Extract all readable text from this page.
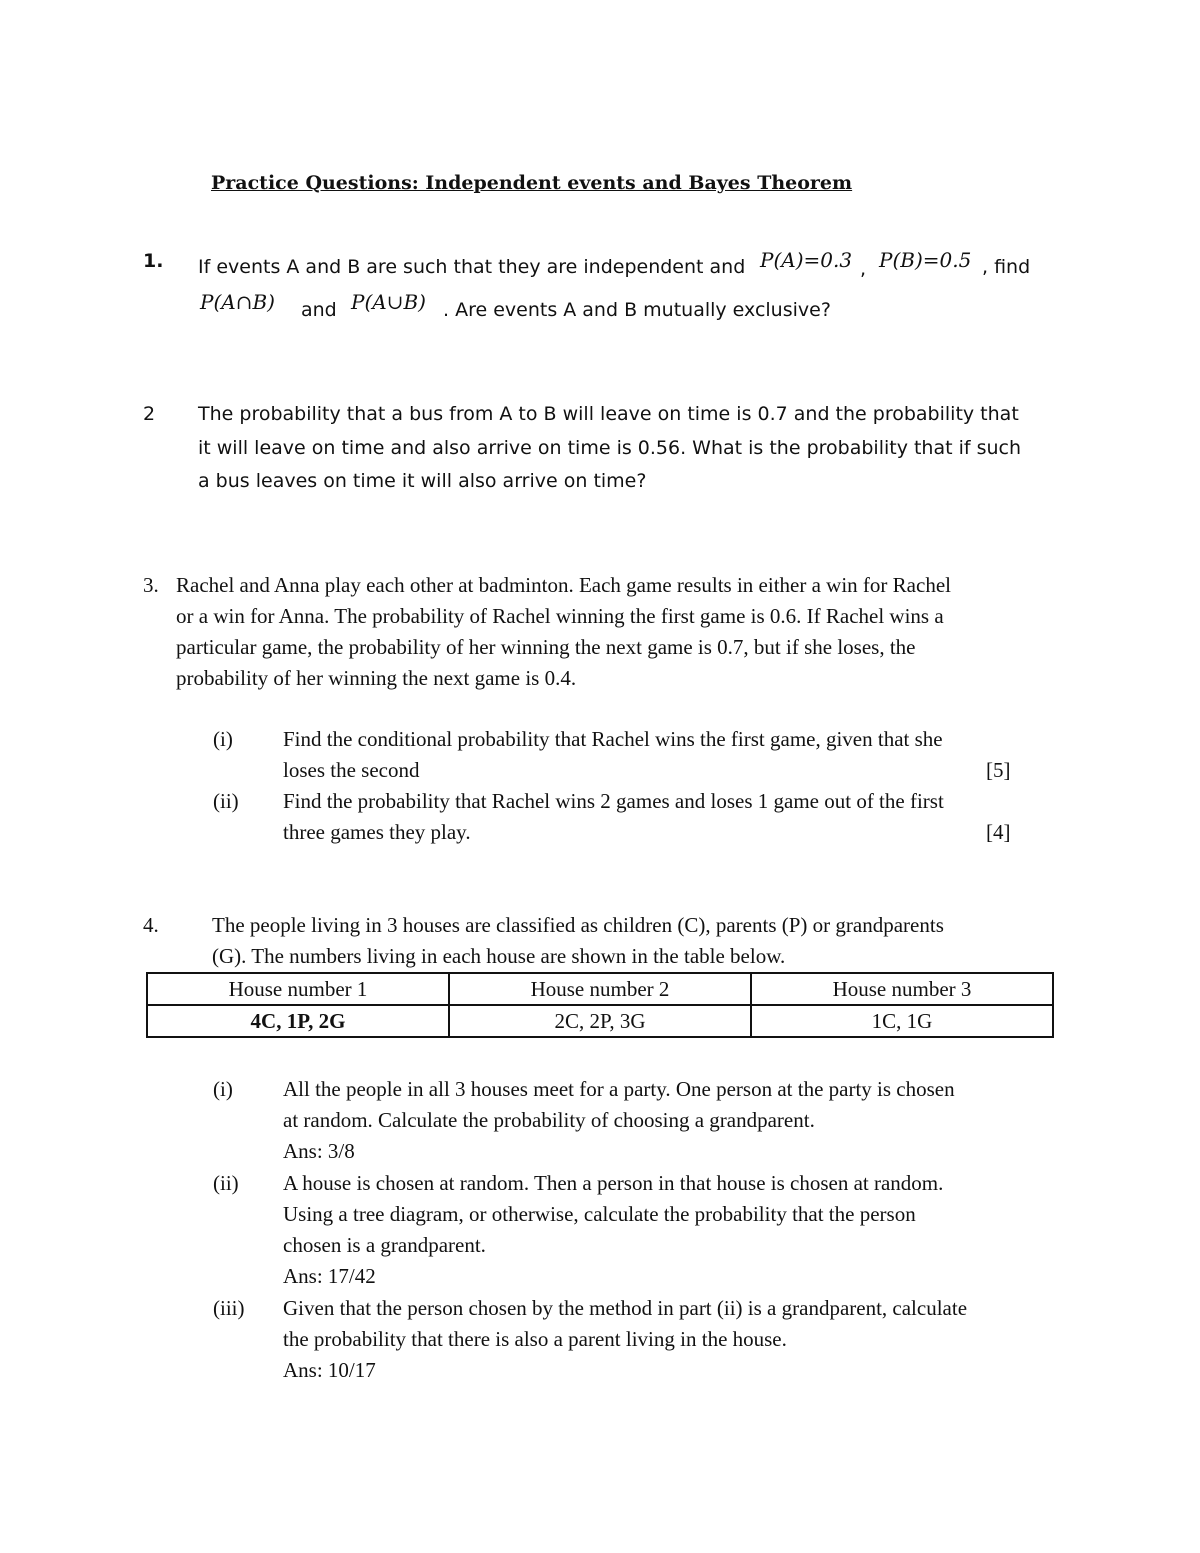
Practice Questions: Independent events and Bayes Theorem
1. If events A and B are such that they are independent and P(A)=0.3 , P(B)=0.5 , find
P(A∩B) and P(A∪B) . Are events A and B mutually exclusive?
2 The probability that a bus from A to B will leave on time is 0.7 and the probability that
it will leave on time and also arrive on time is 0.56. What is the probability that if such
a bus leaves on time it will also arrive on time?
3. Rachel and Anna play each other at badminton. Each game results in either a win for Rachel
or a win for Anna. The probability of Rachel winning the first game is 0.6. If Rachel wins a
particular game, the probability of her winning the next game is 0.7, but if she loses, the
probability of her winning the next game is 0.4.
(i) Find the conditional probability that Rachel wins the first game, given that she
loses the second	[5]
(ii) Find the probability that Rachel wins 2 games and loses 1 game out of the first
three games they play.	[4]
4.	The people living in 3 houses are classified as children (C), parents (P) or grandparents
(G). The numbers living in each house are shown in the table below.
House number 1	House number 2	House number 3
4C, 1P, 2G	2C, 2P, 3G	1C, 1G
(i) All the people in all 3 houses meet for a party. One person at the party is chosen
at random. Calculate the probability of choosing a grandparent.
Ans: 3/8
(ii) A house is chosen at random. Then a person in that house is chosen at random.
Using a tree diagram, or otherwise, calculate the probability that the person
chosen is a grandparent.
Ans: 17/42
(iii) Given that the person chosen by the method in part (ii) is a grandparent, calculate
the probability that there is also a parent living in the house.
Ans: 10/17
